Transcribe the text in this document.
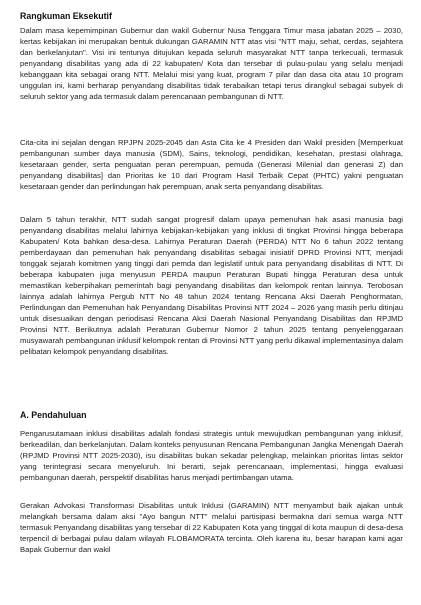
Rangkuman Eksekutif

Dalam masa kepemimpinan Gubernur dan wakil Gubernur Nusa Tenggara Timur masa jabatan 2025 – 2030, kertas kebijakan ini merupakan bentuk dukungan GARAMIN NTT atas visi "NTT maju, sehat, cerdas, sejahtera dan berkelanjutan". Visi ini tentunya ditujukan kepada seluruh masyarakat NTT tanpa terkecuali, termasuk penyandang disabilitas yang ada di 22 kabupaten/ Kota dan tersebar di pulau-pulau yang selalu menjadi kebanggaan kita sebagai orang NTT. Melalui misi yang kuat, program 7 pilar dan dasa cita atau 10 program unggulan ini, kami berharap penyandang disabilitas tidak terabaikan tetapi terus dirangkul sebagai subyek di seluruh sektor yang ada termasuk dalam perencanaan pembangunan di NTT.

Cita-cita ini sejalan dengan RPJPN 2025-2045 dan Asta Cita ke 4 Presiden dan Wakil presiden [Memperkuat pembangunan sumber daya manusia (SDM), Sains, teknologi, pendidikan, kesehatan, prestasi olahraga, kesetaraan gender, serta penguatan peran perempuan, pemuda (Generasi Milenial dan generasi Z) dan penyandang disabilitas] dan Prioritas ke 10 dari Program Hasil Terbaik Cepat (PHTC) yakni penguatan kesetaraan gender dan perlindungan hak perempuan, anak serta penyandang disabilitas.

Dalam 5 tahun terakhir, NTT sudah sangat progresif dalam upaya pemenuhan hak asasi manusia bagi penyandang disabilitas melalui lahirnya kebijakan-kebijakan yang inklusi di tingkat Provinsi hingga beberapa Kabupaten/ Kota bahkan desa-desa. Lahirnya Peraturan Daerah (PERDA) NTT No 6 tahun 2022 tentang pemberdayaan dan pemenuhan hak penyandang disabilitas sebagai inisiatif DPRD Provinsi NTT, menjadi tonggak sejarah komitmen yang tinggi dari pemda dan legislatif untuk para penyandang disabilitas di NTT. Di beberapa kabupaten juga menyusun PERDA maupun Peraturan Bupati hingga Peraturan desa untuk memastikan keberpihakan pemerintah bagi penyandang disabilitas dan kelompok rentan lainnya. Terobosan lainnya adalah lahirnya Pergub NTT No 48 tahun 2024 tentang Rencana Aksi Daerah Penghormatan, Perlindungan dan Pemenuhan hak Penyandang Disabilitas Provinsi NTT 2024 – 2026 yang masih perlu ditinjau untuk disesuaikan dengan periodisasi Rencana Aksi Daerah Nasional Penyandang Disabilitas dan RPJMD Provinsi NTT. Berikutnya adalah Peraturan Gubernur Nomor 2 tahun 2025 tentang penyelenggaraan musyawarah pembangunan inklusif kelompok rentan di Provinsi NTT yang perlu dikawal implementasinya dalam pelibatan kelompok penyandang disabilitas.

A. Pendahuluan

Pengarusutamaan inklusi disabilitas adalah fondasi strategis untuk mewujudkan pembangunan yang inklusif, berkeadilan, dan berkelanjutan. Dalam konteks penyusunan Rencana Pembangunan Jangka Menengah Daerah (RPJMD Provinsi NTT 2025-2030), isu disabilitas bukan sekadar pelengkap, melainkan prioritas lintas sektor yang terintegrasi secara menyeluruh. Ini berarti, sejak perencanaan, implementasi, hingga evaluasi pembangunan daerah, perspektif disabilitas harus menjadi pertimbangan utama.

Gerakan Advokasi Transformasi Disabilitas untuk Inklusi (GARAMIN) NTT menyambut baik ajakan untuk melangkah bersama dalam aksi "Ayo bangun NTT" melalui partisipasi bermakna dari semua warga NTT termasuk Penyandang disabilitas yang tersebar di 22 Kabupaten Kota yang tinggal di kota maupun di desa-desa terpencil di berbagai pulau dalam wilayah FLOBAMORATA tercinta. Oleh karena itu, besar harapan kami agar Bapak Gubernur dan wakil
